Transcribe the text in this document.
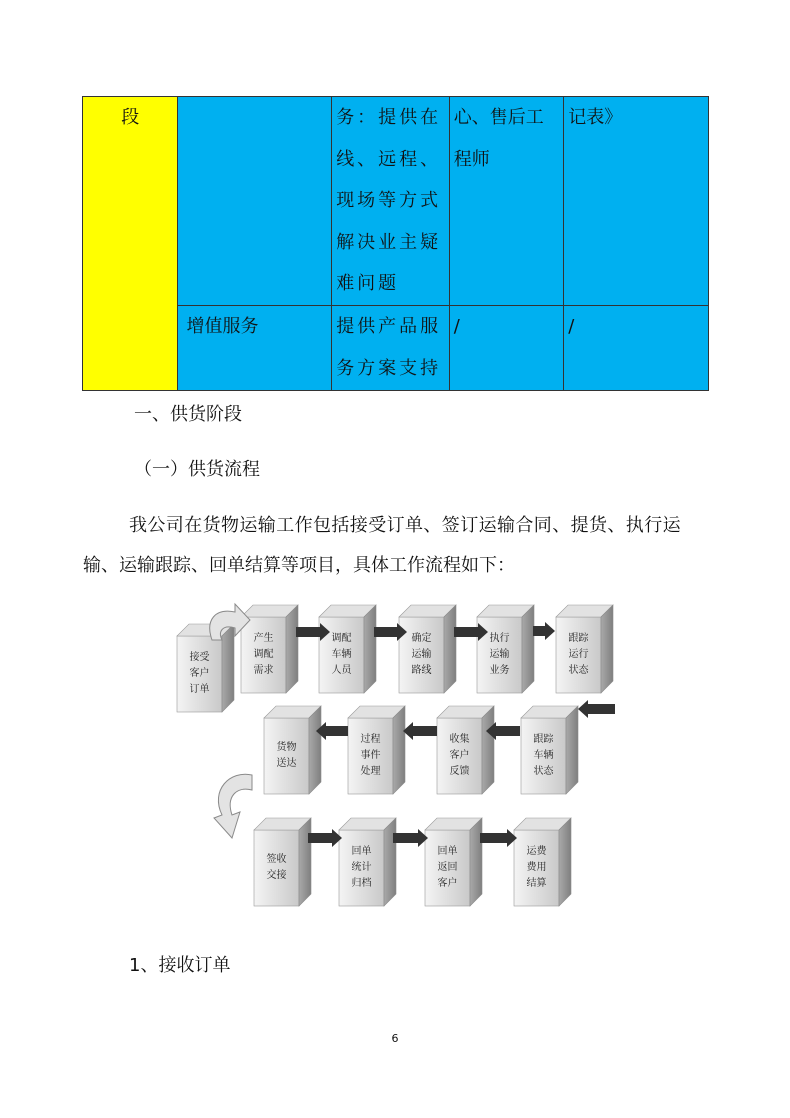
段		务：提供在线、远程、现场等方式解决业主疑难问题	心、售后工程师	记表》
	增值服务	提供产品服务方案支持	/	/
一、供货阶段
（一）供货流程
我公司在货物运输工作包括接受订单、签订运输合同、提货、执行运
输、运输跟踪、回单结算等项目，具体工作流程如下：
接受
客户
订单
产生
调配
需求
调配
车辆
人员
确定
运输
路线
执行
运输
业务
跟踪
运行
状态
货物
送达
过程
事件
处理
收集
客户
反馈
跟踪
车辆
状态
签收
交接
回单
统计
归档
回单
返回
客户
运费
费用
结算
1、接收订单
6
